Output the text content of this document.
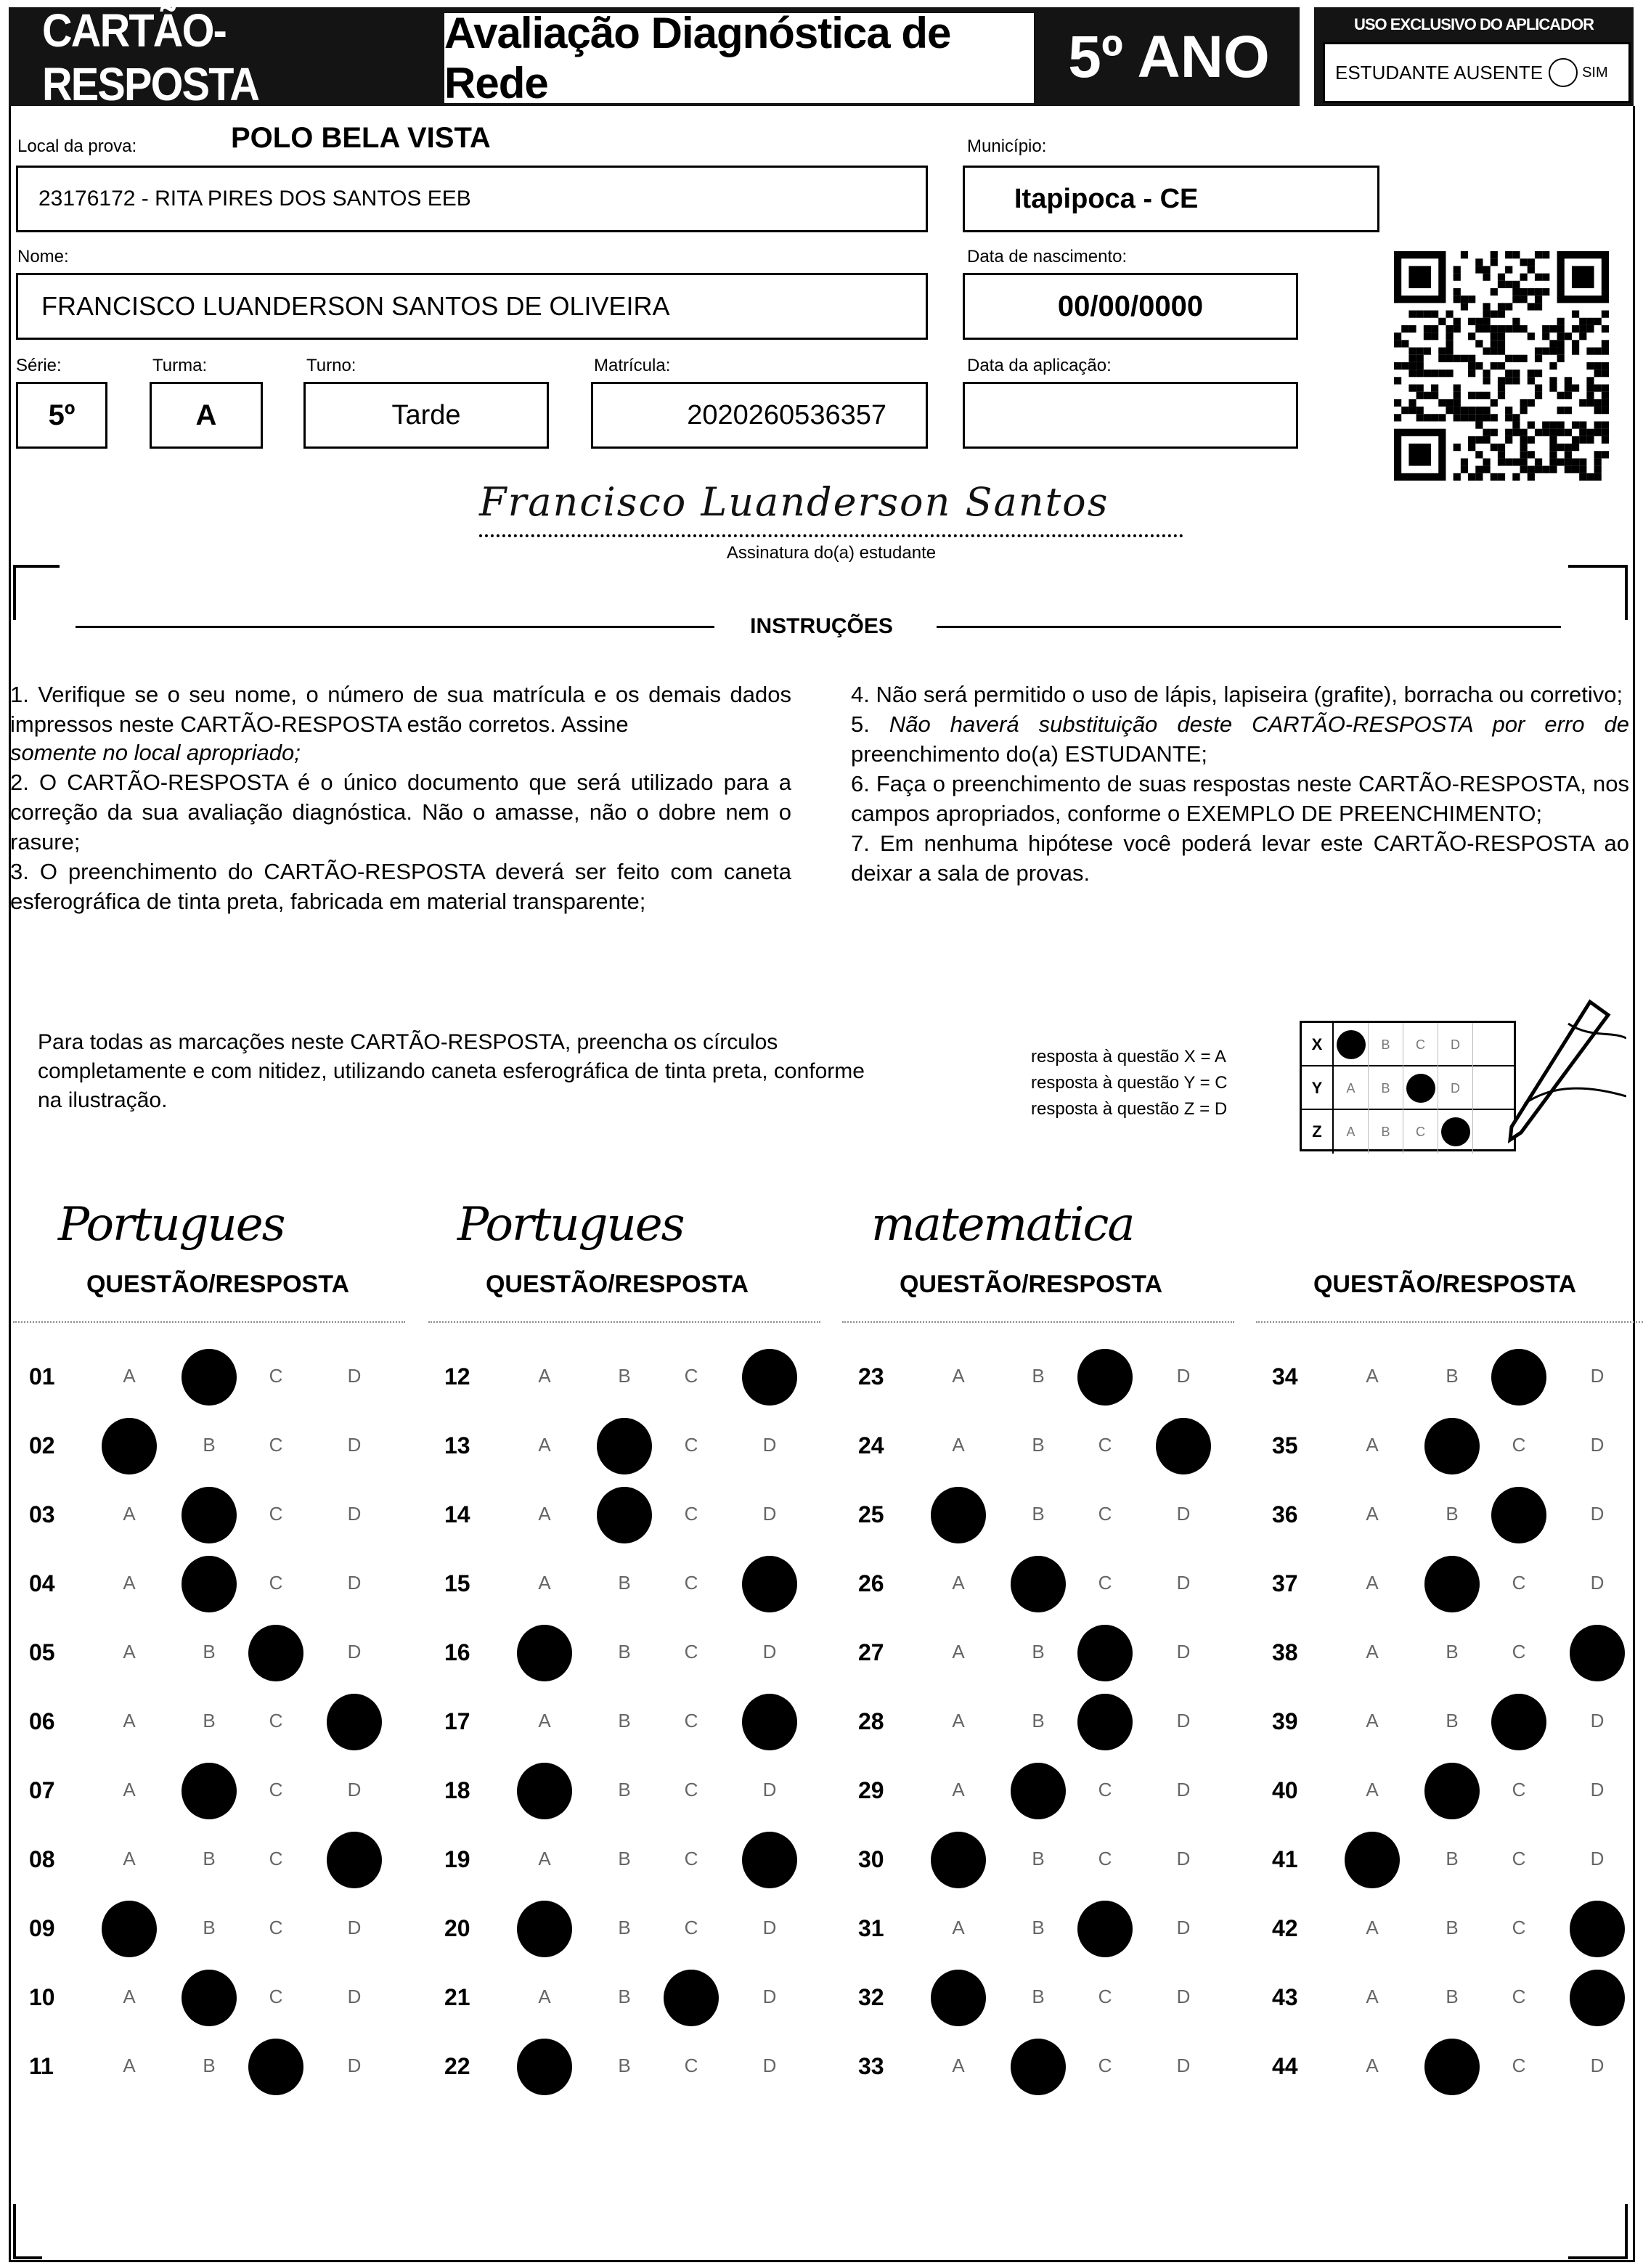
CARTÃO-RESPOSTA
Avaliação Diagnóstica de Rede	5º ANO	USO EXCLUSIVO DO APLICADOR
ESTUDANTE AUSENTE	SIM
Local da prova:	POLO BELA VISTA
23176172 - RITA PIRES DOS SANTOS EEB
Município:
Itapipoca - CE
Nome:
FRANCISCO LUANDERSON SANTOS DE OLIVEIRA
Data de nascimento:
00/00/0000
Série:
5º
Turma:
A
Turno:
Tarde
Matrícula:
2020260536357
Data da aplicação:
Francisco Luanderson Santos
Assinatura do(a) estudante
INSTRUÇÕES

1. Verifique se o seu nome, o número de sua matrícula e os demais dados impressos neste CARTÃO-RESPOSTA estão corretos. Assine

somente no local apropriado;

2. O CARTÃO-RESPOSTA é o único documento que será utilizado para a correção da sua avaliação diagnóstica. Não o amasse, não o dobre nem o rasure;

3. O preenchimento do CARTÃO-RESPOSTA deverá ser feito com caneta esferográfica de tinta preta, fabricada em material transparente;

4. Não será permitido o uso de lápis, lapiseira (grafite), borracha ou corretivo;

5. Não haverá substituição deste CARTÃO-RESPOSTA por erro de preenchimento do(a) ESTUDANTE;

6. Faça o preenchimento de suas respostas neste CARTÃO-RESPOSTA, nos campos apropriados, conforme o EXEMPLO DE PREENCHIMENTO;

7. Em nenhuma hipótese você poderá levar este CARTÃO-RESPOSTA ao deixar a sala de provas.

Para todas as marcações neste CARTÃO-RESPOSTA, preencha os círculos completamente e com nitidez, utilizando caneta esferográfica de tinta preta, conforme na ilustração.
resposta à questão X = A
resposta à questão Y = C
resposta à questão Z = D
X	B C D
Y	A B	D
Z	A B C
Portugues
QUESTÃO/RESPOSTA
01	A	C	D
02	B	C	D
03	A	C	D
04	A	C	D
05	A	B	D
06	A	B	C
07	A	C	D
08	A	B	C
09	B	C	D
10	A	C	D
11	A	B	D
Portugues
QUESTÃO/RESPOSTA
12	A	B	C
13	A	C	D
14	A	C	D
15	A	B	C
16	B	C	D
17	A	B	C
18	B	C	D
19	A	B	C
20	B	C	D
21	A	B	D
22	B	C	D
matematica
QUESTÃO/RESPOSTA
23	A	B	D
24	A	B	C
25	B	C	D
26	A	C	D
27	A	B	D
28	A	B	D
29	A	C	D
30	B	C	D
31	A	B	D
32	B	C	D
33	A	C	D
QUESTÃO/RESPOSTA
34	A	B	D
35	A	C	D
36	A	B	D
37	A	C	D
38	A	B	C
39	A	B	D
40	A	C	D
41	B	C	D
42	A	B	C
43	A	B	C
44	A	C	D
